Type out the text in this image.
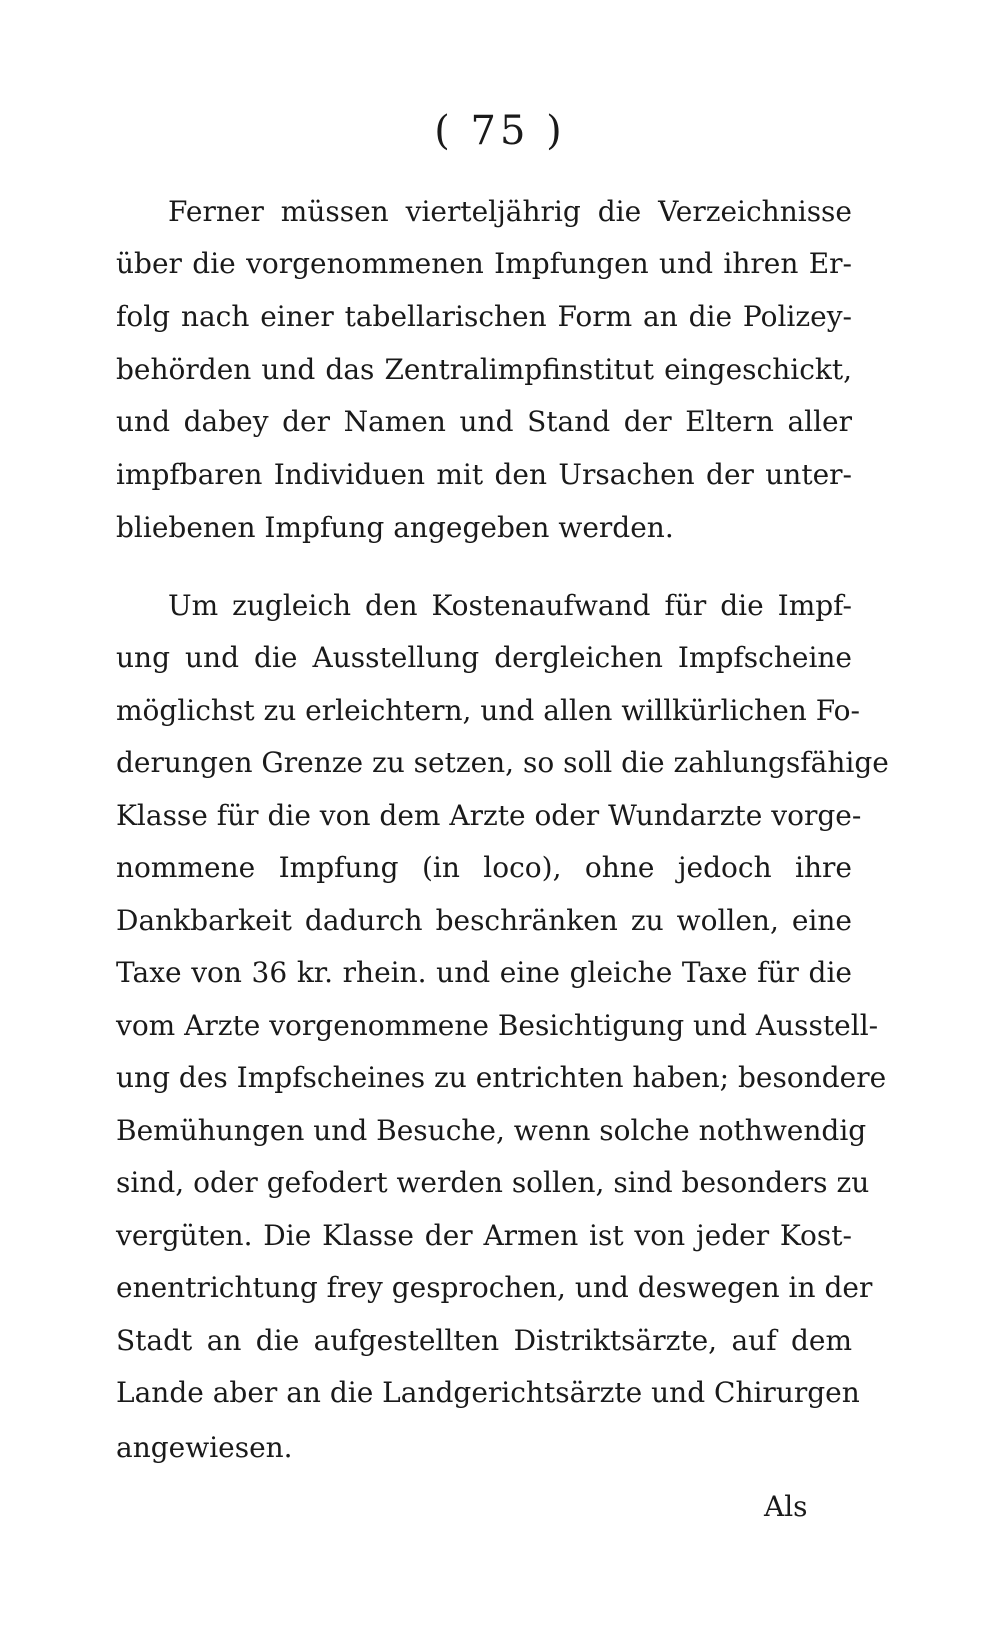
( 75 )

Ferner müssen vierteljährig die Verzeichnisse

über die vorgenommenen Impfungen und ihren Er-

folg nach einer tabellarischen Form an die Polizey-

behörden und das Zentralimpfinstitut eingeschickt,

und dabey der Namen und Stand der Eltern aller

impfbaren Individuen mit den Ursachen der unter-

bliebenen Impfung angegeben werden.

Um zugleich den Kostenaufwand für die Impf-

ung und die Ausstellung dergleichen Impfscheine

möglichst zu erleichtern, und allen willkürlichen Fo-

derungen Grenze zu setzen, so soll die zahlungsfähige

Klasse für die von dem Arzte oder Wundarzte vorge-

nommene Impfung (in loco), ohne jedoch ihre

Dankbarkeit dadurch beschränken zu wollen, eine

Taxe von 36 kr. rhein. und eine gleiche Taxe für die

vom Arzte vorgenommene Besichtigung und Ausstell-

ung des Impfscheines zu entrichten haben; besondere

Bemühungen und Besuche, wenn solche nothwendig

sind, oder gefodert werden sollen, sind besonders zu

vergüten. Die Klasse der Armen ist von jeder Kost-

enentrichtung frey gesprochen, und deswegen in der

Stadt an die aufgestellten Distriktsärzte, auf dem

Lande aber an die Landgerichtsärzte und Chirurgen

angewiesen.

Als
